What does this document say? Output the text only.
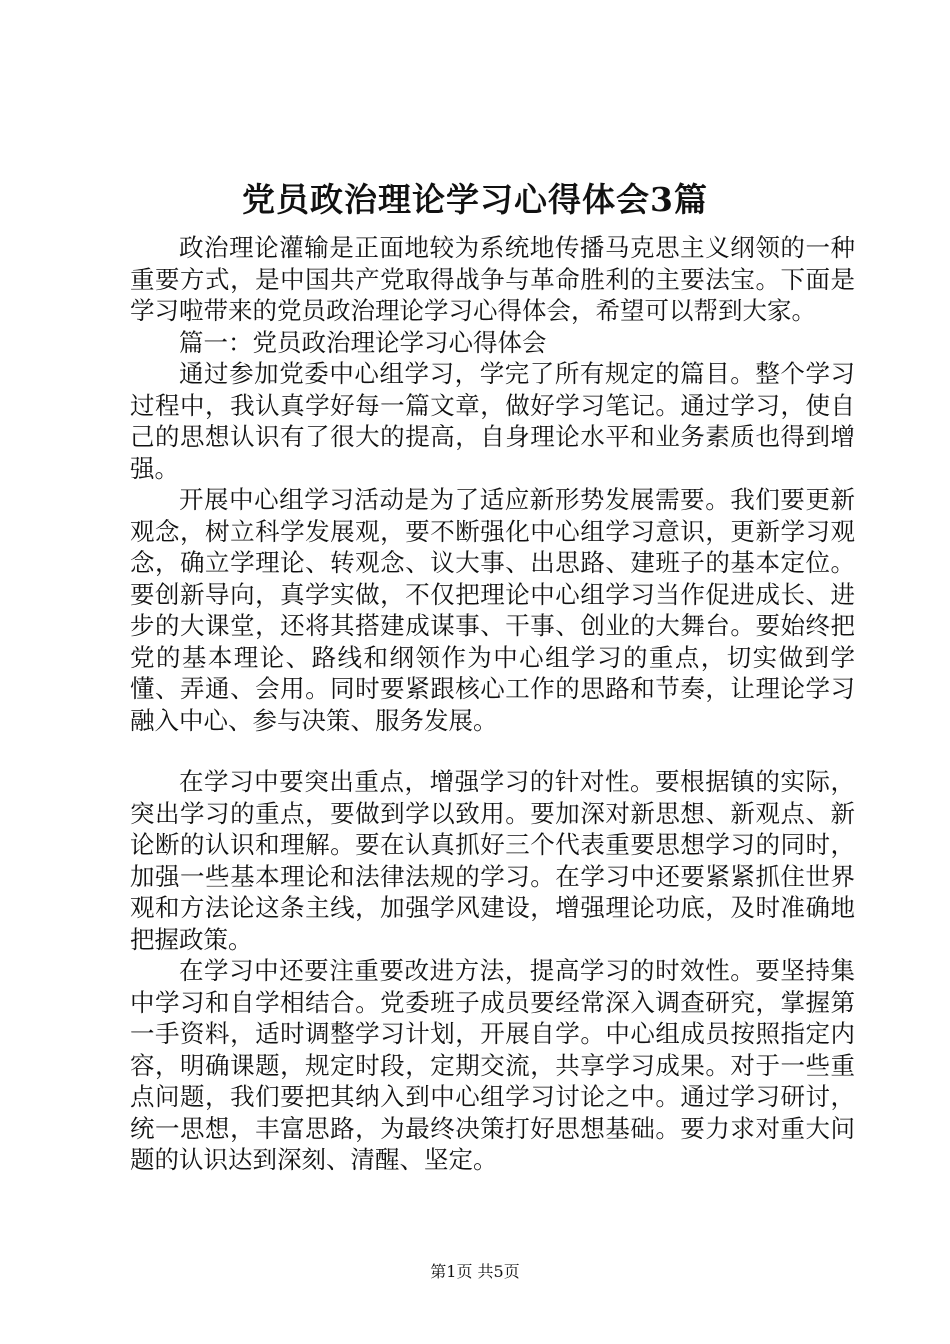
党员政治理论学习心得体会3篇

政治理论灌输是正面地较为系统地传播马克思主义纲领的一种重要方式，是中国共产党取得战争与革命胜利的主要法宝。下面是学习啦带来的党员政治理论学习心得体会，希望可以帮到大家。

篇一：党员政治理论学习心得体会

通过参加党委中心组学习，学完了所有规定的篇目。整个学习过程中，我认真学好每一篇文章，做好学习笔记。通过学习，使自己的思想认识有了很大的提高，自身理论水平和业务素质也得到增强。

开展中心组学习活动是为了适应新形势发展需要。我们要更新观念，树立科学发展观，要不断强化中心组学习意识，更新学习观念，确立学理论、转观念、议大事、出思路、建班子的基本定位。要创新导向，真学实做，不仅把理论中心组学习当作促进成长、进步的大课堂，还将其搭建成谋事、干事、创业的大舞台。要始终把党的基本理论、路线和纲领作为中心组学习的重点，切实做到学懂、弄通、会用。同时要紧跟核心工作的思路和节奏，让理论学习融入中心、参与决策、服务发展。

在学习中要突出重点，增强学习的针对性。要根据镇的实际，突出学习的重点，要做到学以致用。要加深对新思想、新观点、新论断的认识和理解。要在认真抓好三个代表重要思想学习的同时，加强一些基本理论和法律法规的学习。在学习中还要紧紧抓住世界观和方法论这条主线，加强学风建设，增强理论功底，及时准确地把握政策。

在学习中还要注重要改进方法，提高学习的时效性。要坚持集中学习和自学相结合。党委班子成员要经常深入调查研究，掌握第一手资料，适时调整学习计划，开展自学。中心组成员按照指定内容，明确课题，规定时段，定期交流，共享学习成果。对于一些重点问题，我们要把其纳入到中心组学习讨论之中。通过学习研讨，统一思想，丰富思路，为最终决策打好思想基础。要力求对重大问题的认识达到深刻、清醒、坚定。

第1页 共5页
